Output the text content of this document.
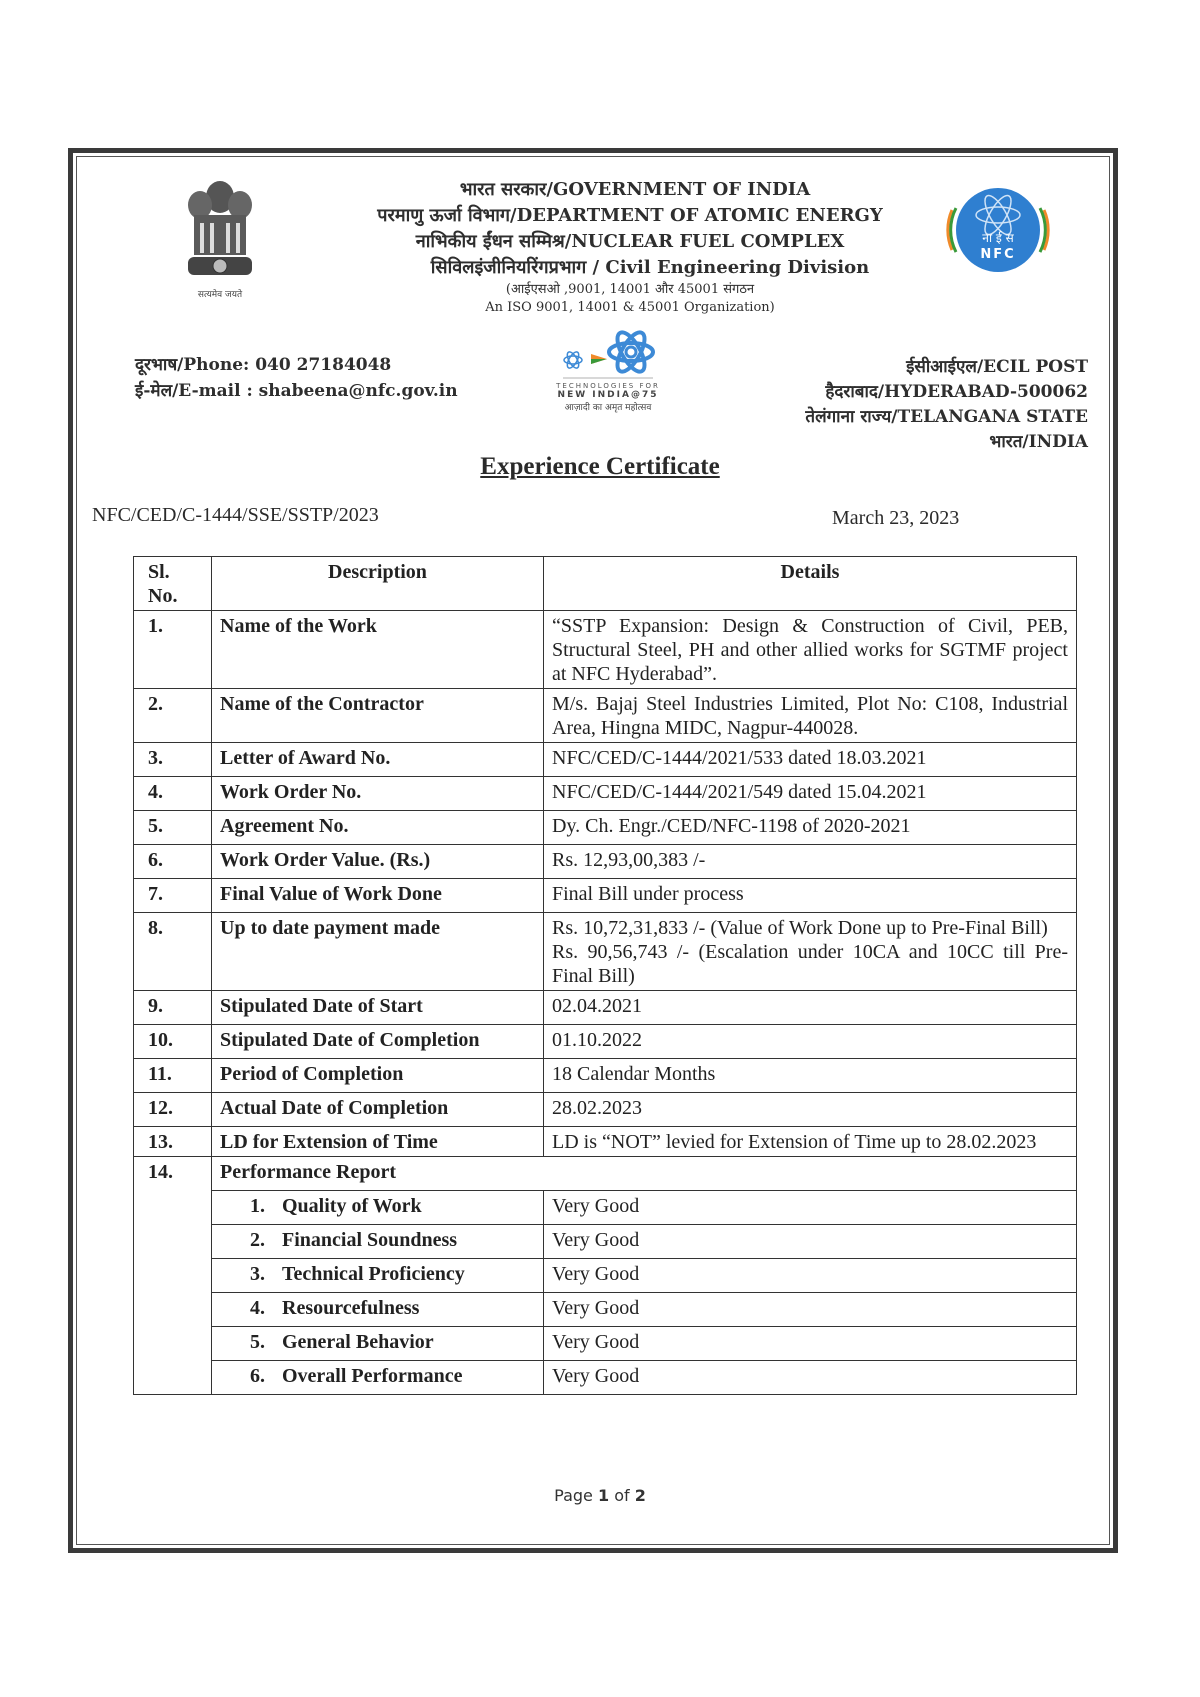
सत्यमेव जयते
भारत सरकार/GOVERNMENT OF INDIA
परमाणु ऊर्जा विभाग/DEPARTMENT OF ATOMIC ENERGY
नाभिकीय ईंधन सम्मिश्र/NUCLEAR FUEL COMPLEX
सिविलइंजीनियरिंगप्रभाग / Civil Engineering Division
(आईएसओ ,9001, 14001 और 45001 संगठन
An ISO 9001, 14001 & 45001 Organization)
ना ई स
NFC
दूरभाष/Phone: 040 27184048
ई-मेल/E-mail : shabeena@nfc.gov.in	TECHNOLOGIES FOR
NEW INDIA@75
आज़ादी का अमृत महोत्सव
ईसीआईएल/ECIL POST
हैदराबाद/HYDERABAD-500062
तेलंगाना राज्य/TELANGANA STATE
भारत/INDIA
Experience Certificate
NFC/CED/C-1444/SSE/SSTP/2023	March 23, 2023
Sl. No.	Description	Details
1.	Name of the Work	“SSTP Expansion: Design & Construction of Civil, PEB, Structural Steel, PH and other allied works for SGTMF project at NFC Hyderabad”.
2.	Name of the Contractor	M/s. Bajaj Steel Industries Limited, Plot No: C108, Industrial Area, Hingna MIDC, Nagpur-440028.
3.	Letter of Award No.	NFC/CED/C-1444/2021/533 dated 18.03.2021
4.	Work Order No.	NFC/CED/C-1444/2021/549 dated 15.04.2021
5.	Agreement No.	Dy. Ch. Engr./CED/NFC-1198 of 2020-2021
6.	Work Order Value. (Rs.)	Rs. 12,93,00,383 /-
7.	Final Value of Work Done	Final Bill under process
8.	Up to date payment made	Rs. 10,72,31,833 /- (Value of Work Done up to Pre-Final Bill)
Rs. 90,56,743 /- (Escalation under 10CA and 10CC till Pre-Final Bill)

9.	Stipulated Date of Start	02.04.2021
10.	Stipulated Date of Completion	01.10.2022
11.	Period of Completion	18 Calendar Months
12.	Actual Date of Completion	28.02.2023
13.	LD for Extension of Time	LD is “NOT” levied for Extension of Time up to 28.02.2023
14.	Performance Report	
	1. Quality of Work	Very Good
	2. Financial Soundness	Very Good
	3. Technical Proficiency	Very Good
	4. Resourcefulness	Very Good
	5. General Behavior	Very Good
	6. Overall Performance	Very Good
Page 1 of 2
